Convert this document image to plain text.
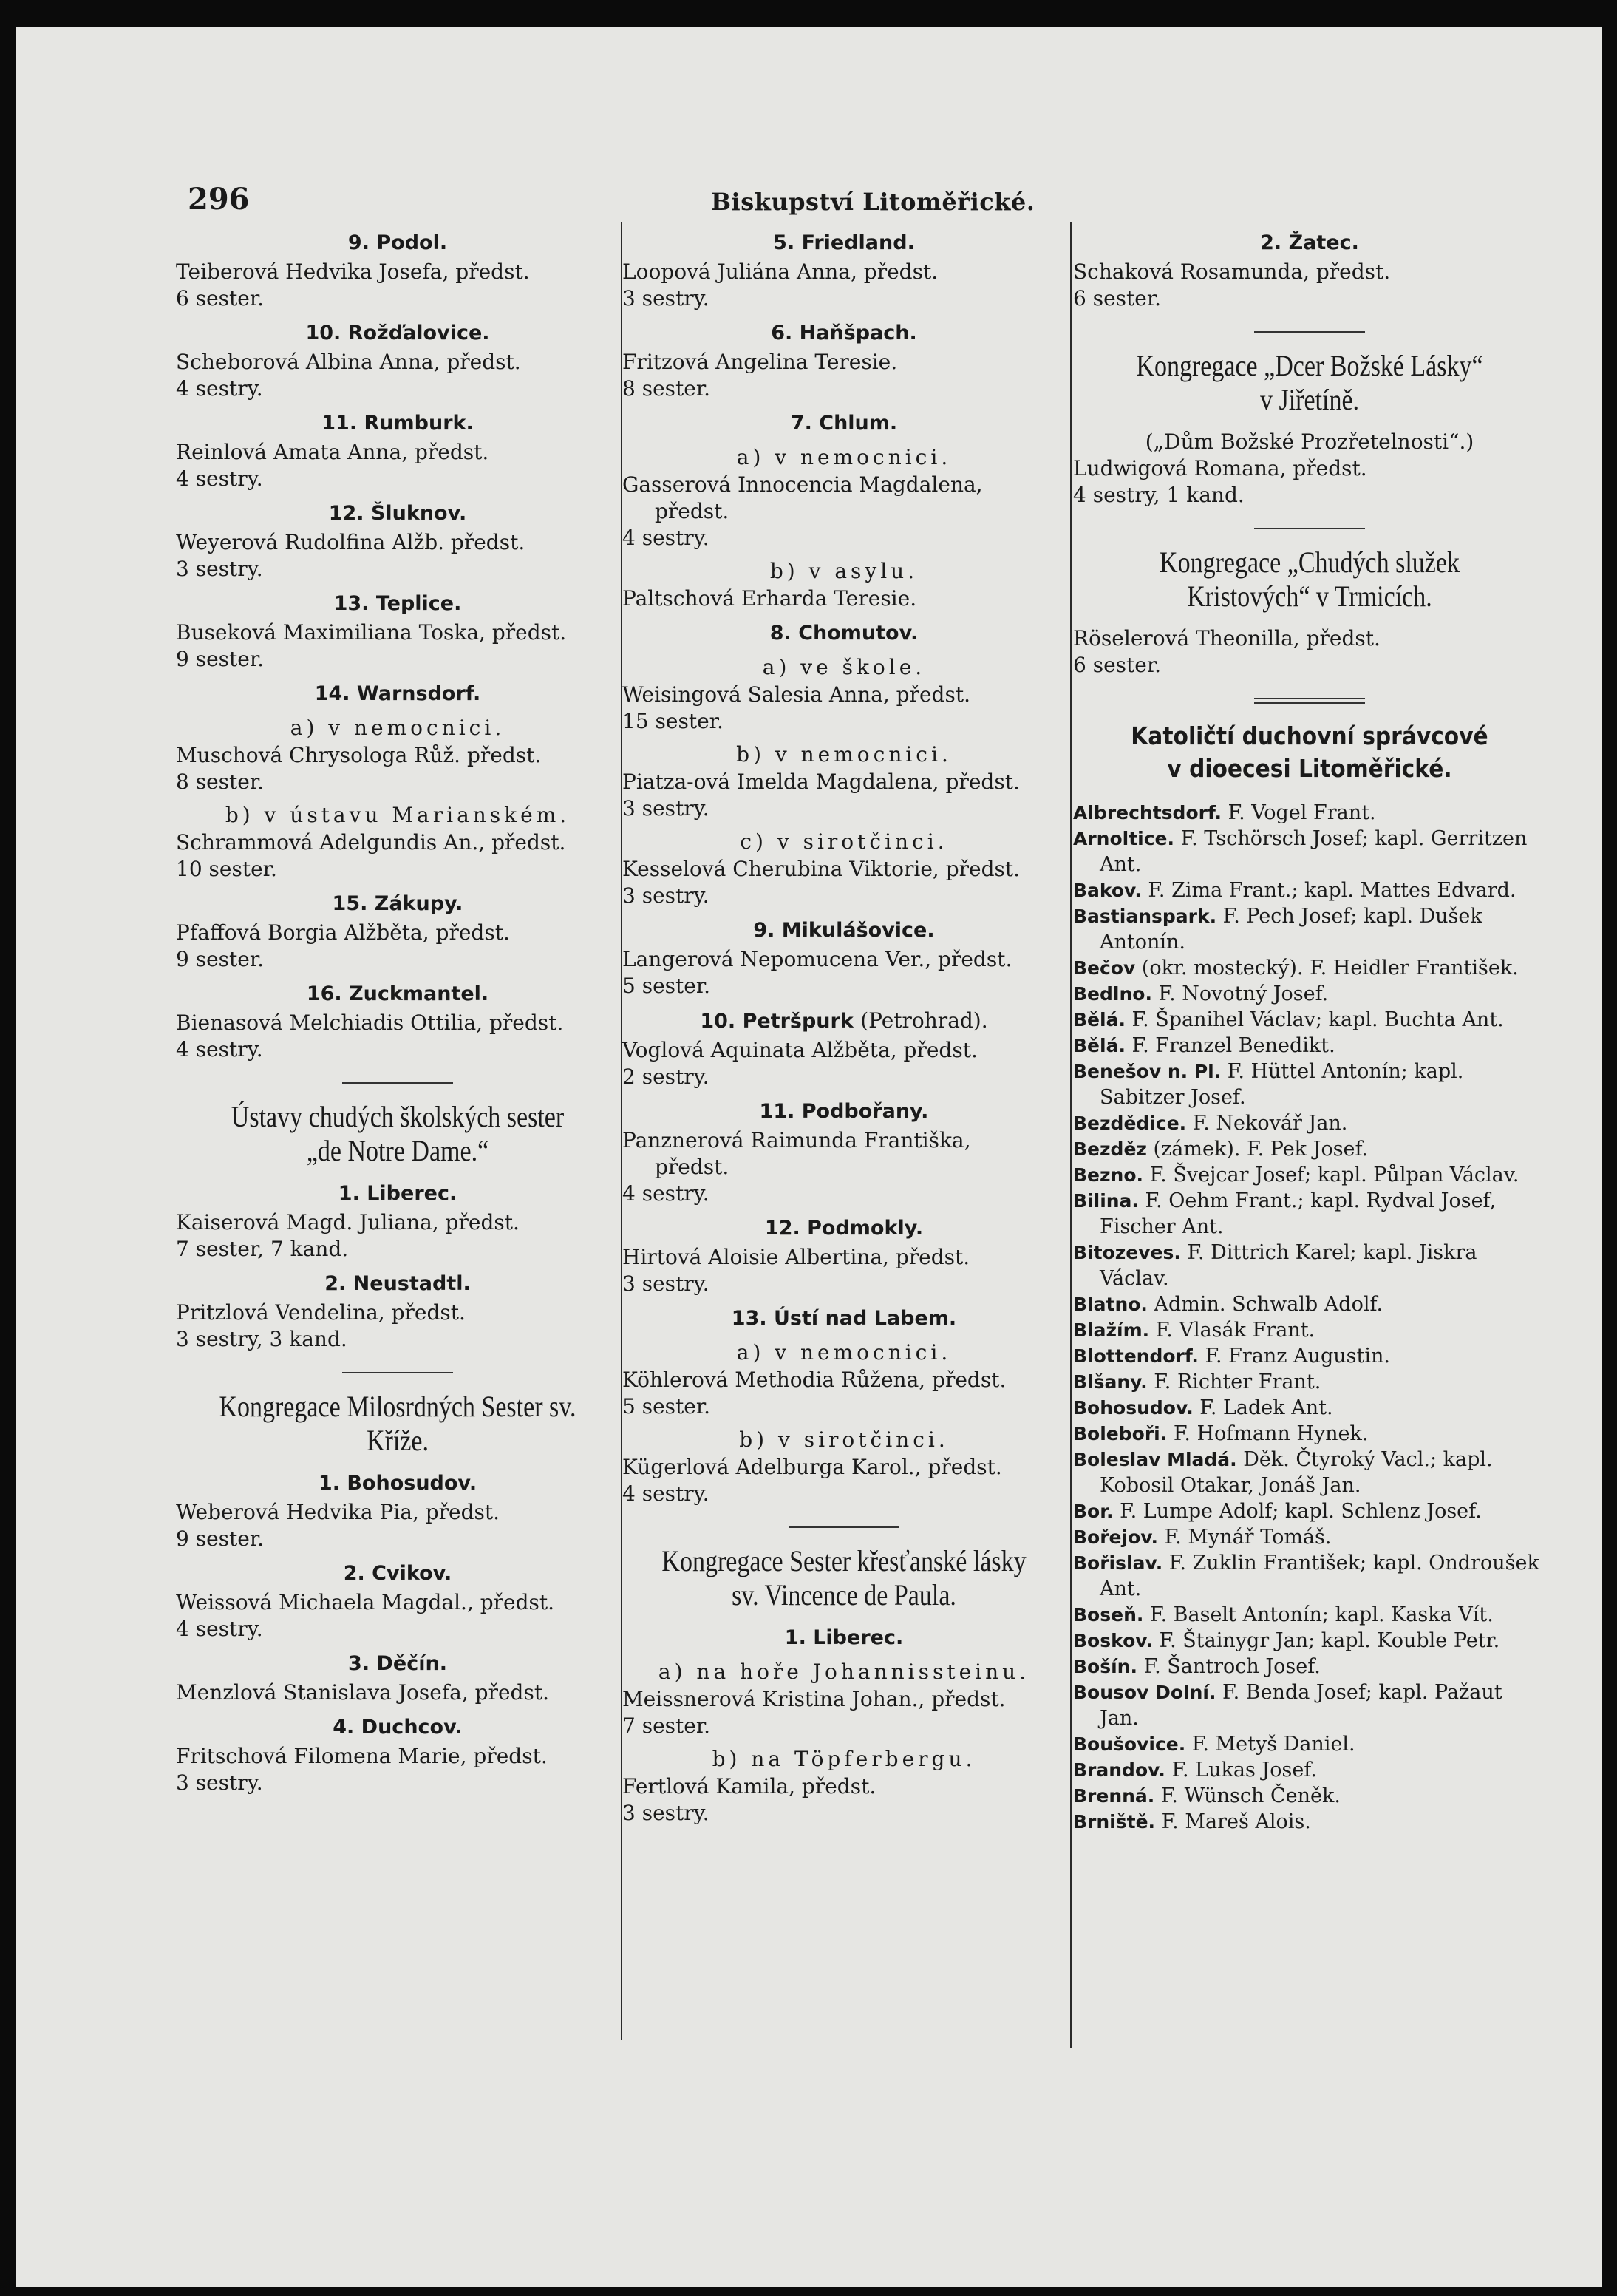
296	Biskupství Litoměřické.
9. Podol.

Teiberová Hedvika Josefa, předst.

6 sester.

10. Rožďalovice.

Scheborová Albina Anna, předst.

4 sestry.

11. Rumburk.

Reinlová Amata Anna, předst.

4 sestry.

12. Šluknov.

Weyerová Rudolfina Alžb. předst.

3 sestry.

13. Teplice.

Buseková Maximiliana Toska, předst.

9 sester.

14. Warnsdorf.
a) v nemocnici.

Muschová Chrysologa Růž. předst.

8 sester.

b) v ústavu Marianském.

Schrammová Adelgundis An., předst.

10 sester.

15. Zákupy.

Pfaffová Borgia Alžběta, předst.

9 sester.

16. Zuckmantel.

Bienasová Melchiadis Ottilia, předst.

4 sestry.

Ústavy chudých školských sester
„de Notre Dame.“
1. Liberec.

Kaiserová Magd. Juliana, předst.

7 sester, 7 kand.

2. Neustadtl.

Pritzlová Vendelina, předst.

3 sestry, 3 kand.

Kongregace Milosrdných Sester sv.
Kříže.
1. Bohosudov.

Weberová Hedvika Pia, předst.

9 sester.

2. Cvikov.

Weissová Michaela Magdal., předst.

4 sestry.

3. Děčín.

Menzlová Stanislava Josefa, předst.

4. Duchcov.

Fritschová Filomena Marie, předst.

3 sestry.

5. Friedland.

Loopová Juliána Anna, předst.

3 sestry.

6. Haňšpach.

Fritzová Angelina Teresie.

8 sester.

7. Chlum.
a) v nemocnici.

Gasserová Innocencia Magdalena,

předst.

4 sestry.

b) v asylu.

Paltschová Erharda Teresie.

8. Chomutov.
a) ve škole.

Weisingová Salesia Anna, předst.

15 sester.

b) v nemocnici.

Piatza-ová Imelda Magdalena, předst.

3 sestry.

c) v sirotčinci.

Kesselová Cherubina Viktorie, předst.

3 sestry.

9. Mikulášovice.

Langerová Nepomucena Ver., předst.

5 sester.

10. Petršpurk (Petrohrad).

Voglová Aquinata Alžběta, předst.

2 sestry.

11. Podbořany.

Panznerová Raimunda Františka,

předst.

4 sestry.

12. Podmokly.

Hirtová Aloisie Albertina, předst.

3 sestry.

13. Ústí nad Labem.
a) v nemocnici.

Köhlerová Methodia Růžena, předst.

5 sester.

b) v sirotčinci.

Kügerlová Adelburga Karol., předst.

4 sestry.

Kongregace Sester křesťanské lásky
sv. Vincence de Paula.
1. Liberec.
a) na hoře Johannissteinu.

Meissnerová Kristina Johan., předst.

7 sester.

b) na Töpferbergu.

Fertlová Kamila, předst.

3 sestry.

2. Žatec.

Schaková Rosamunda, předst.

6 sester.

Kongregace „Dcer Božské Lásky“
v Jiřetíně.

(„Dům Božské Prozřetelnosti“.)

Ludwigová Romana, předst.

4 sestry, 1 kand.

Kongregace „Chudých služek
Kristových“ v Trmicích.

Röselerová Theonilla, předst.

6 sester.

Katoličtí duchovní správcové
v dioecesi Litoměřické.

Albrechtsdorf. F. Vogel Frant.

Arnoltice. F. Tschörsch Josef; kapl. Gerritzen Ant.

Bakov. F. Zima Frant.; kapl. Mattes Edvard.

Bastianspark. F. Pech Josef; kapl. Dušek Antonín.

Bečov (okr. mostecký). F. Heidler František.

Bedlno. F. Novotný Josef.

Bělá. F. Španihel Václav; kapl. Buchta Ant.

Bělá. F. Franzel Benedikt.

Benešov n. Pl. F. Hüttel Antonín; kapl. Sabitzer Josef.

Bezdědice. F. Nekovář Jan.

Bezděz (zámek). F. Pek Josef.

Bezno. F. Švejcar Josef; kapl. Půlpan Václav.

Bilina. F. Oehm Frant.; kapl. Rydval Josef, Fischer Ant.

Bitozeves. F. Dittrich Karel; kapl. Jiskra Václav.

Blatno. Admin. Schwalb Adolf.

Blažím. F. Vlasák Frant.

Blottendorf. F. Franz Augustin.

Blšany. F. Richter Frant.

Bohosudov. F. Ladek Ant.

Boleboři. F. Hofmann Hynek.

Boleslav Mladá. Děk. Čtyroký Vacl.; kapl. Kobosil Otakar, Jonáš Jan.

Bor. F. Lumpe Adolf; kapl. Schlenz Josef.

Bořejov. F. Mynář Tomáš.

Bořislav. F. Zuklin František; kapl. Ondroušek Ant.

Boseň. F. Baselt Antonín; kapl. Kaska Vít.

Boskov. F. Štainygr Jan; kapl. Kouble Petr.

Bošín. F. Šantroch Josef.

Bousov Dolní. F. Benda Josef; kapl. Pažaut Jan.

Boušovice. F. Metyš Daniel.

Brandov. F. Lukas Josef.

Brenná. F. Wünsch Čeněk.

Brniště. F. Mareš Alois.
